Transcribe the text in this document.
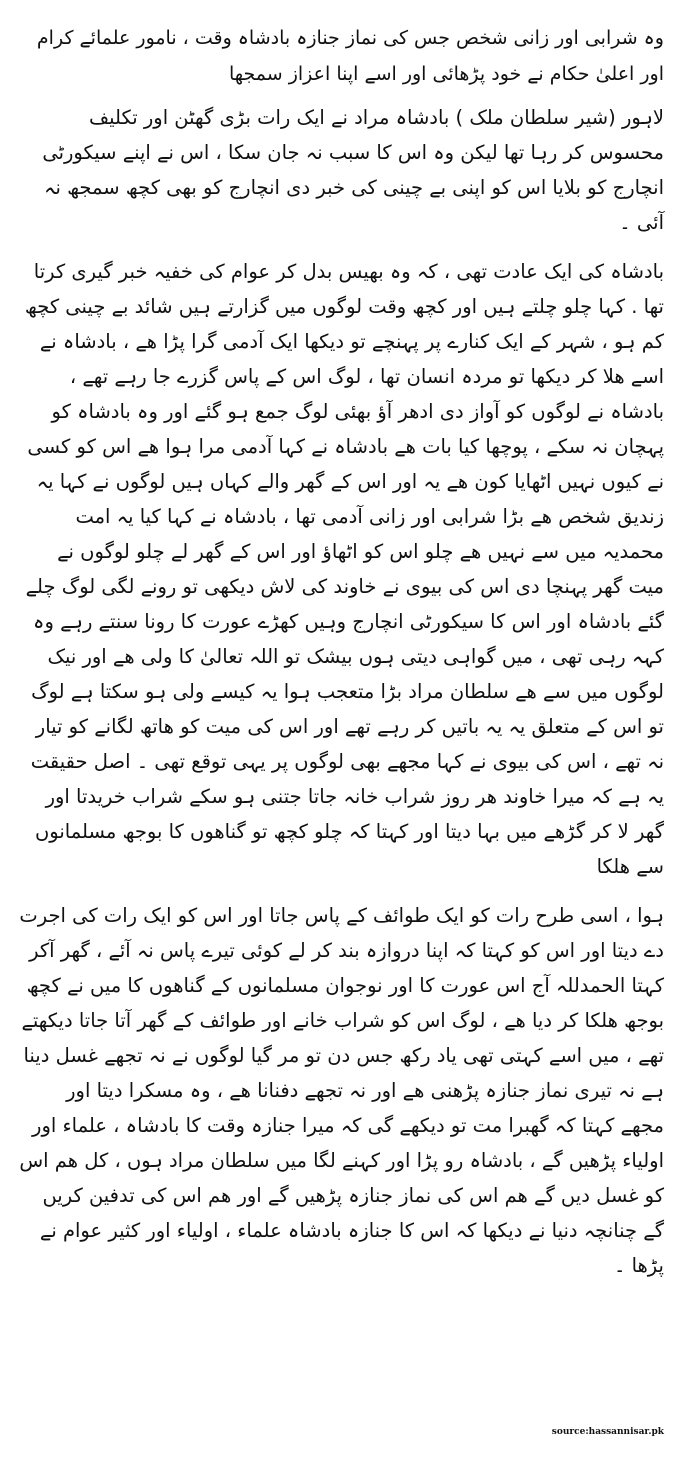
وہ شرابی اور زانی شخص جس کی نماز جنازہ بادشاہ وقت ، نامور علمائے کرام اور اعلیٰ حکام نے خود پڑھائی اور اسے اپنا اعزاز سمجھا

لاہور (شیر سلطان ملک ) بادشاہ مراد نے ایک رات بڑی گھٹن اور تکلیف محسوس کر رہا تھا لیکن وہ اس کا سبب نہ جان سکا ، اس نے اپنے سیکورٹی انچارج کو بلایا اس کو اپنی بے چینی کی خبر دی انچارج کو بھی کچھ سمجھ نہ آئی ۔

بادشاہ کی ایک عادت تھی ، کہ وہ بھیس بدل کر عوام کی خفیہ خبر گیری کرتا تھا . کہا چلو چلتے ہیں اور کچھ وقت لوگوں میں گزارتے ہیں شائد بے چینی کچھ کم ہو ، شہر کے ایک کنارے پر پہنچے تو دیکھا ایک آدمی گرا پڑا ھے ، بادشاہ نے اسے ھلا کر دیکھا تو مردہ انسان تھا ، لوگ اس کے پاس گزرے جا رہے تھے ، بادشاہ نے لوگوں کو آواز دی ادھر آؤ بھئی لوگ جمع ہو گئے اور وہ بادشاہ کو پہچان نہ سکے ، پوچھا کیا بات ھے بادشاہ نے کہا آدمی مرا ہوا ھے اس کو کسی نے کیوں نہیں اٹھایا کون ھے یہ اور اس کے گھر والے کہاں ہیں لوگوں نے کہا یہ زندیق شخص ھے بڑا شرابی اور زانی آدمی تھا ، بادشاہ نے کہا کیا یہ امت محمدیہ میں سے نہیں ھے چلو اس کو اٹھاؤ اور اس کے گھر لے چلو لوگوں نے میت گھر پہنچا دی اس کی بیوی نے خاوند کی لاش دیکھی تو رونے لگی لوگ چلے گئے بادشاہ اور اس کا سیکورٹی انچارج وہیں کھڑے عورت کا رونا سنتے رہے وہ کہہ رہی تھی ، میں گواہی دیتی ہوں بیشک تو اللہ تعالیٰ کا ولی ھے اور نیک لوگوں میں سے ھے سلطان مراد بڑا متعجب ہوا یہ کیسے ولی ہو سکتا ہے لوگ تو اس کے متعلق یہ یہ باتیں کر رہے تھے اور اس کی میت کو ھاتھ لگانے کو تیار نہ تھے ، اس کی بیوی نے کہا مجھے بھی لوگوں پر یہی توقع تھی ۔ اصل حقیقت یہ ہے کہ میرا خاوند ھر روز شراب خانہ جاتا جتنی ہو سکے شراب خریدتا اور گھر لا کر گڑھے میں بہا دیتا اور کہتا کہ چلو کچھ تو گناھوں کا بوجھ مسلمانوں سے ھلکا

ہوا ، اسی طرح رات کو ایک طوائف کے پاس جاتا اور اس کو ایک رات کی اجرت دے دیتا اور اس کو کہتا کہ اپنا دروازہ بند کر لے کوئی تیرے پاس نہ آئے ، گھر آکر کہتا الحمدللہ آج اس عورت کا اور نوجوان مسلمانوں کے گناھوں کا میں نے کچھ بوجھ ھلکا کر دیا ھے ، لوگ اس کو شراب خانے اور طوائف کے گھر آتا جاتا دیکھتے تھے ، میں اسے کہتی تھی یاد رکھ جس دن تو مر گیا لوگوں نے نہ تجھے غسل دینا ہے نہ تیری نماز جنازہ پڑھنی ھے اور نہ تجھے دفنانا ھے ، وہ مسکرا دیتا اور مجھے کہتا کہ گھبرا مت تو دیکھے گی کہ میرا جنازہ وقت کا بادشاہ ، علماء اور اولیاء پڑھیں گے ، بادشاہ رو پڑا اور کہنے لگا میں سلطان مراد ہوں ، کل ھم اس کو غسل دیں گے ھم اس کی نماز جنازہ پڑھیں گے اور ھم اس کی تدفین کریں گے چنانچہ دنیا نے دیکھا کہ اس کا جنازہ بادشاہ علماء ، اولیاء اور کثیر عوام نے پڑھا ۔

source:hassannisar.pk
